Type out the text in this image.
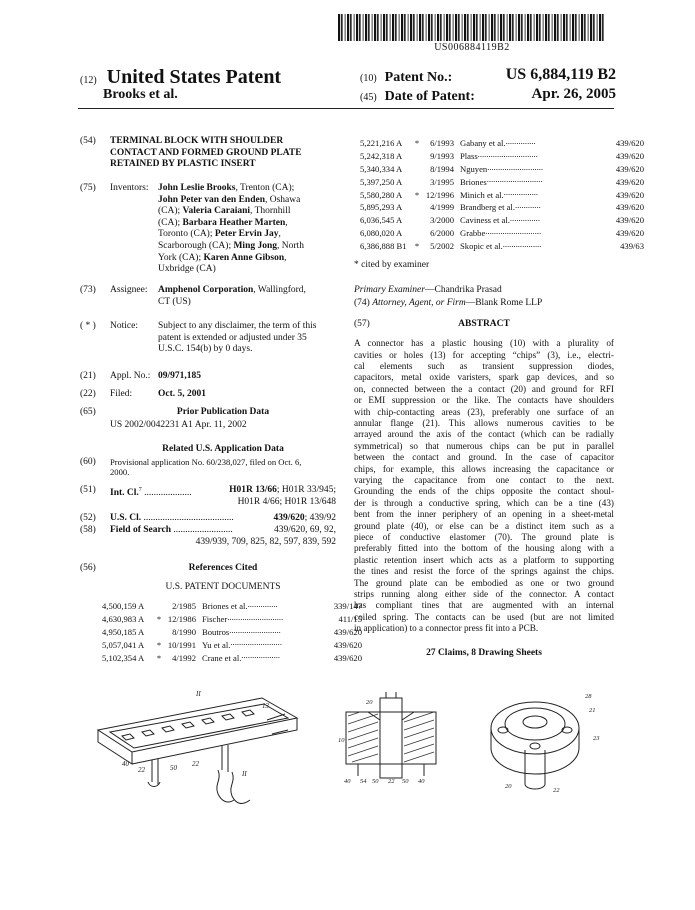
US006884119B2
(12) United States Patent
Brooks et al.
(10) Patent No.:	US 6,884,119 B2
(45) Date of Patent:	Apr. 26, 2005
(54) TERMINAL BLOCK WITH SHOULDER
CONTACT AND FORMED GROUND PLATE
RETAINED BY PLASTIC INSERT
(75) Inventors: John Leslie Brooks, Trenton (CA);
John Peter van den Enden, Oshawa
(CA); Valeria Caraiani, Thornhill
(CA); Barbara Heather Marten,
Toronto (CA); Peter Ervin Jay,
Scarborough (CA); Ming Jong, North
York (CA); Karen Anne Gibson,
Uxbridge (CA)
(73) Assignee: Amphenol Corporation, Wallingford,
CT (US)
( * ) Notice: Subject to any disclaimer, the term of this
patent is extended or adjusted under 35
U.S.C. 154(b) by 0 days.
(21) Appl. No.: 09/971,185
(22) Filed:	Oct. 5, 2001
(65)	Prior Publication Data
US 2002/0042231 A1 Apr. 11, 2002
Related U.S. Application Data
(60) Provisional application No. 60/238,027, filed on Oct. 6,
2000.
(51) Int. Cl.$^7$ ....................	H01R 13/66; H01R 33/945;
H01R 4/66; H01R 13/648
(52) U.S. Cl. ......................................	439/620; 439/92
(58) Field of Search .........................	439/620, 69, 92,
439/939, 709, 825, 82, 597, 839, 592
(56)	References Cited
U.S. PATENT DOCUMENTS
4,500,159 A	2/1985 Briones et al...............	339/147
4,630,983 A * 12/1986 Fischer..........................	411/15
4,950,185 A	8/1990 Boutros........................	439/620
5,057,041 A * 10/1991 Yu et al.........................	439/620
5,102,354 A * 4/1992 Crane et al...................	439/620
5,221,216 A * 6/1993 Gabany et al...............	439/620
5,242,318 A	9/1993 Plass............................	439/620
5,340,334 A	8/1994 Nguyen..........................	439/620
5,397,250 A	3/1995 Briones..........................	439/620
5,580,280 A * 12/1996 Minich et al.................	439/620
5,895,293 A	4/1999 Brandberg et al.............	439/620
6,036,545 A	3/2000 Caviness et al...............	439/620
6,080,020 A	6/2000 Grabbe..........................	439/620
6,386,888 B1 * 5/2002 Skopic et al...................	439/63
* cited by examiner
Primary Examiner—Chandrika Prasad
(74) Attorney, Agent, or Firm—Blank Rome LLP
(57)	ABSTRACT
A connector has a plastic housing (10) with a plurality of
cavities or holes (13) for accepting “chips” (3), i.e., electri-
cal elements such as transient suppression diodes,
capacitors, metal oxide varisters, spark gap devices, and so
on, connected between the a contact (20) and ground for RFI
or EMI suppression or the like. The contacts have shoulders
with chip-contacting areas (23), preferably one surface of an
annular flange (21). This allows numerous cavities to be
arrayed around the axis of the contact (which can be radially
symmetrical) so that numerous chips can be put in parallel
between the contact and ground. In the case of capacitor
chips, for example, this allows increasing the capacitance or
varying the capacitance from one contact to the next.
Grounding the ends of the chips opposite the contact shoul-
der is through a conductive spring, which can be a tine (43)
bent from the inner periphery of an opening in a sheet-metal
ground plate (40), or else can be a distinct item such as a
piece of conductive elastomer (70). The ground plate is
preferably fitted into the bottom of the housing along with a
plastic retention insert which acts as a platform to supporting
the tines and resist the force of the springs against the chips.
The ground plate can be embodied as one or two ground
strips running along either side of the connector. A contact
has compliant tines that are augmented with an internal
coiled spring. The contacts can be used (but are not limited
in application) to a connector press fit into a PCB.
27 Claims, 8 Drawing Sheets
II
40
22	50 22
13
II
20
40 54 50 22 50 40
10
28
21
23
20
22
